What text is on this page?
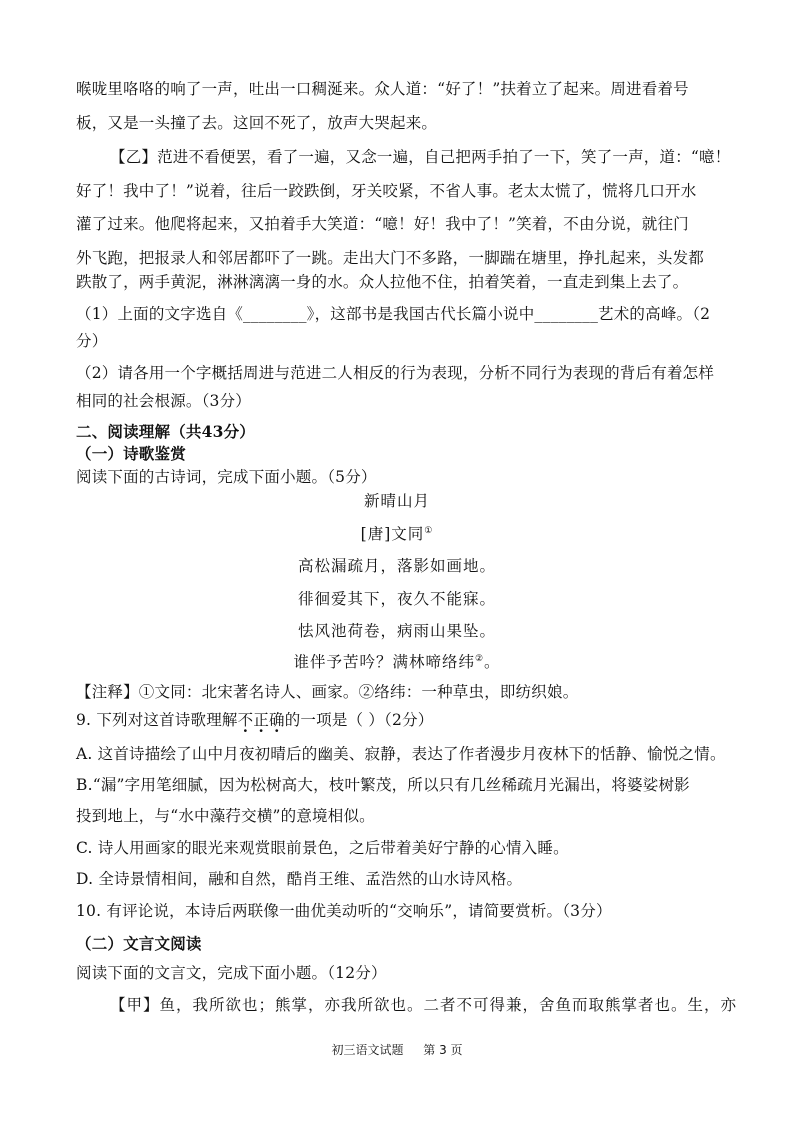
喉咙里咯咯的响了一声，吐出一口稠涎来。众人道：“好了！”扶着立了起来。周进看着号
板，又是一头撞了去。这回不死了，放声大哭起来。
【乙】范进不看便罢，看了一遍，又念一遍，自己把两手拍了一下，笑了一声，道：“噫！
好了！我中了！”说着，往后一跤跌倒，牙关咬紧，不省人事。老太太慌了，慌将几口开水
灌了过来。他爬将起来，又拍着手大笑道：“噫！好！我中了！”笑着，不由分说，就往门
外飞跑，把报录人和邻居都吓了一跳。走出大门不多路，一脚踹在塘里，挣扎起来，头发都
跌散了，两手黄泥，淋淋漓漓一身的水。众人拉他不住，拍着笑着，一直走到集上去了。
（1）上面的文字选自《________》，这部书是我国古代长篇小说中________艺术的高峰。（2
分）
（2）请各用一个字概括周进与范进二人相反的行为表现，分析不同行为表现的背后有着怎样
相同的社会根源。（3分）
二、阅读理解（共43分）
（一）诗歌鉴赏
阅读下面的古诗词，完成下面小题。（5分）
新晴山月
[唐]文同①
高松漏疏月，落影如画地。
徘徊爱其下，夜久不能寐。
怯风池荷卷，病雨山果坠。
谁伴予苦吟？满林啼络纬②。
【注释】①文同：北宋著名诗人、画家。②络纬：一种草虫，即纺织娘。
9. 下列对这首诗歌理解不正确的一项是（ ）（2分）
A. 这首诗描绘了山中月夜初晴后的幽美、寂静，表达了作者漫步月夜林下的恬静、愉悦之情。
B.“漏”字用笔细腻，因为松树高大，枝叶繁茂，所以只有几丝稀疏月光漏出，将婆娑树影
投到地上，与“水中藻荇交横”的意境相似。
C. 诗人用画家的眼光来观赏眼前景色，之后带着美好宁静的心情入睡。
D. 全诗景情相间，融和自然，酷肖王维、孟浩然的山水诗风格。
10. 有评论说，本诗后两联像一曲优美动听的“交响乐”，请简要赏析。（3分）
（二）文言文阅读
阅读下面的文言文，完成下面小题。（12分）
【甲】鱼，我所欲也；熊掌，亦我所欲也。二者不可得兼，舍鱼而取熊掌者也。生，亦
初三语文试题 第 3 页
